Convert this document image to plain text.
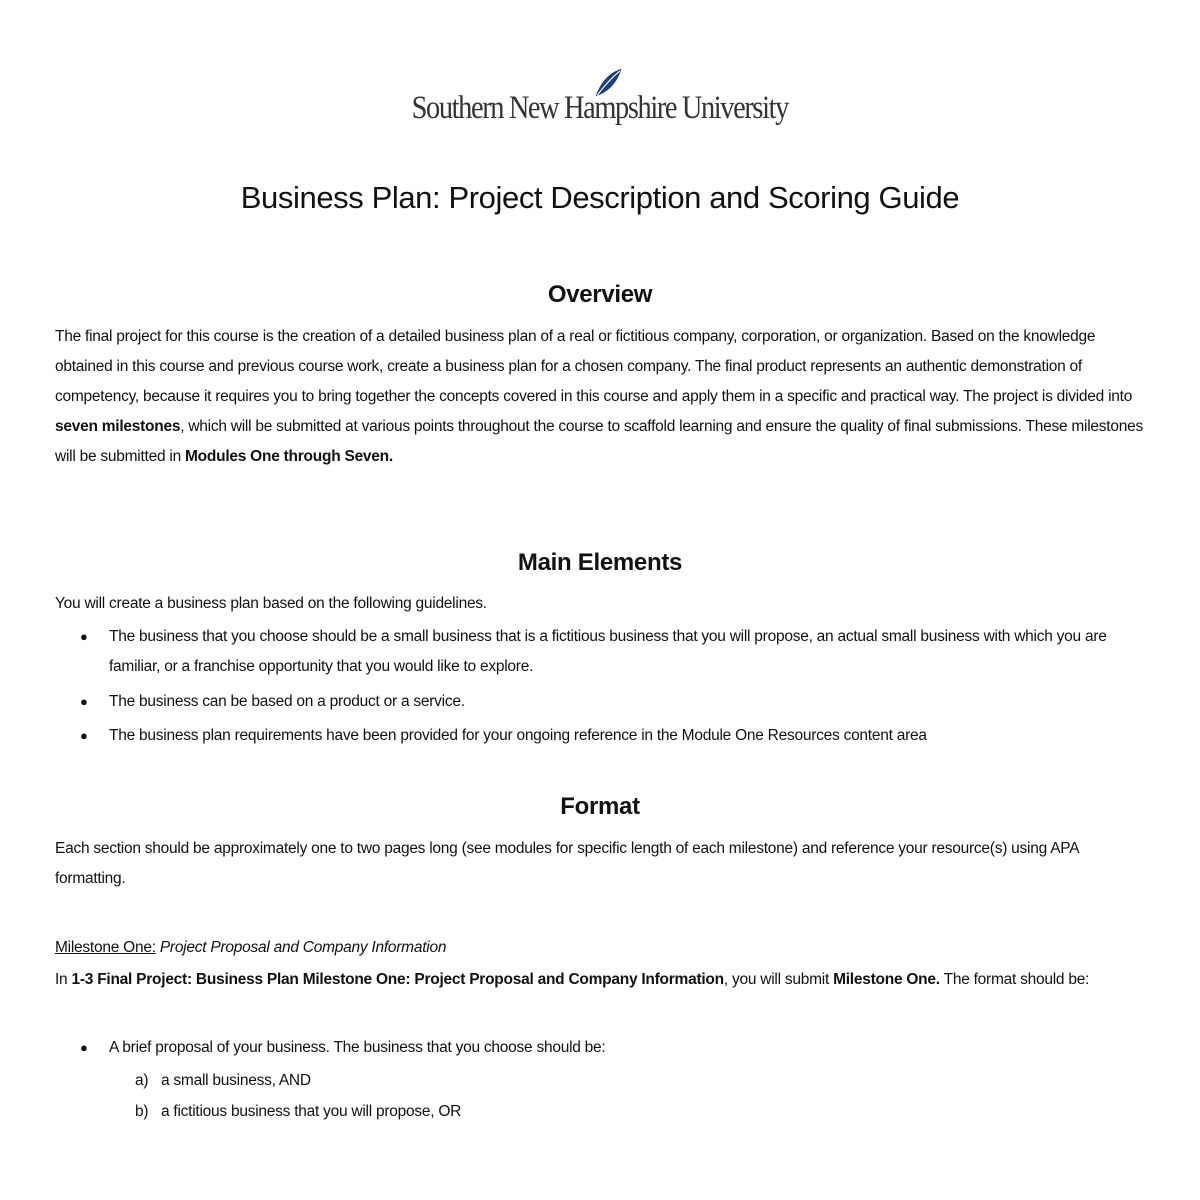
Southern New Hampshire University
Business Plan: Project Description and Scoring Guide
Overview

The final project for this course is the creation of a detailed business plan of a real or fictitious company, corporation, or organization. Based on the knowledge obtained in this course and previous course work, create a business plan for a chosen company. The final product represents an authentic demonstration of competency, because it requires you to bring together the concepts covered in this course and apply them in a specific and practical way. The project is divided into seven milestones, which will be submitted at various points throughout the course to scaffold learning and ensure the quality of final submissions. These milestones will be submitted in Modules One through Seven.

Main Elements

You will create a business plan based on the following guidelines.

● The business that you choose should be a small business that is a fictitious business that you will propose, an actual small business with which you are familiar, or a franchise opportunity that you would like to explore.
● The business can be based on a product or a service.
● The business plan requirements have been provided for your ongoing reference in the Module One Resources content area
Format

Each section should be approximately one to two pages long (see modules for specific length of each milestone) and reference your resource(s) using APA formatting.

Milestone One: Project Proposal and Company Information

In 1-3 Final Project: Business Plan Milestone One: Project Proposal and Company Information, you will submit Milestone One. The format should be:

● A brief proposal of your business. The business that you choose should be:
a) a small business, AND
b) a fictitious business that you will propose, OR
